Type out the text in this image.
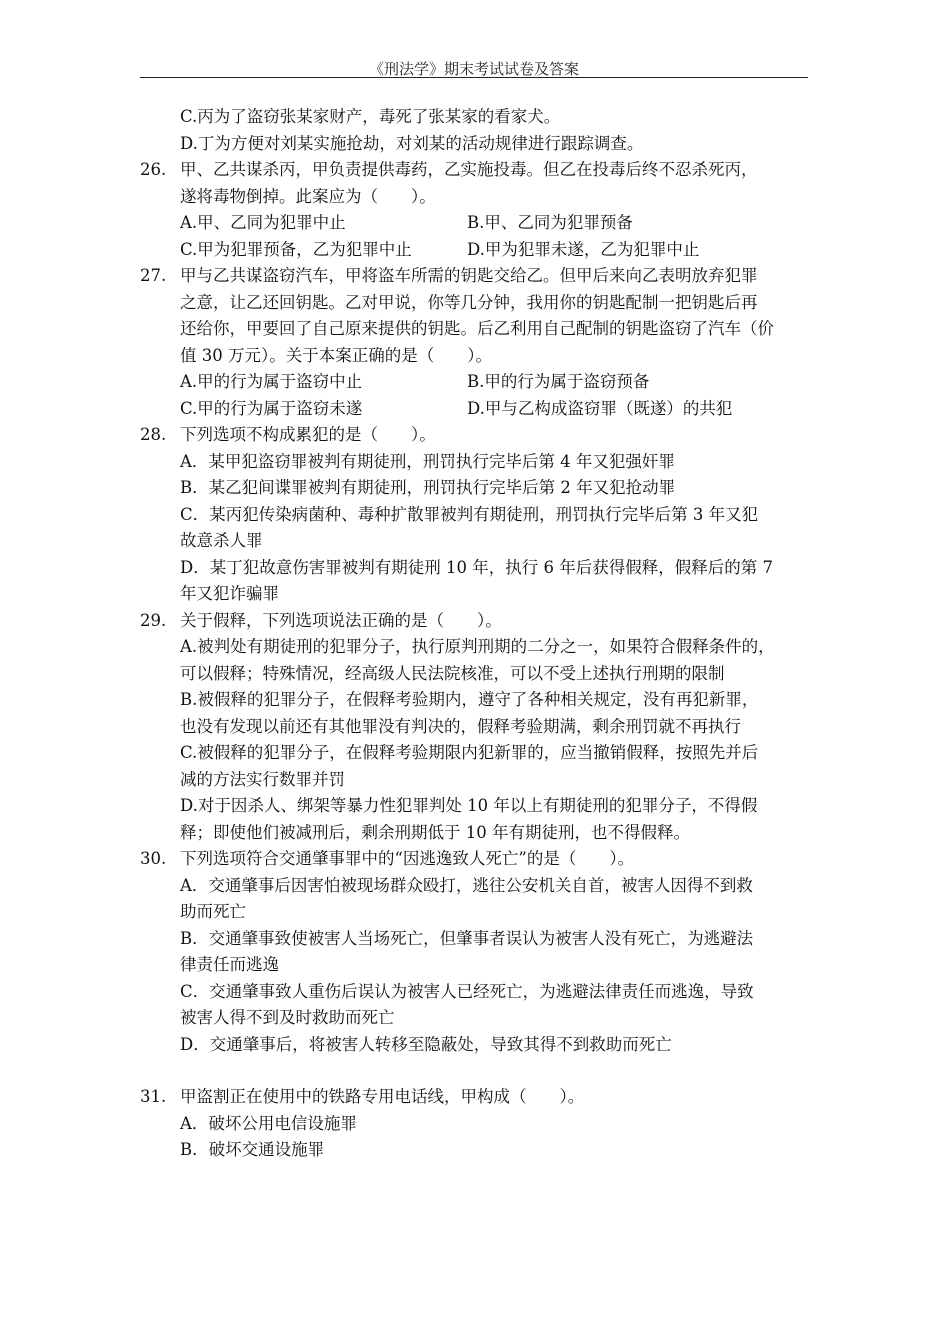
《刑法学》期末考试试卷及答案
C.丙为了盗窃张某家财产，毒死了张某家的看家犬。
D.丁为方便对刘某实施抢劫，对刘某的活动规律进行跟踪调查。
26. 甲、乙共谋杀丙，甲负责提供毒药，乙实施投毒。但乙在投毒后终不忍杀死丙，
遂将毒物倒掉。此案应为（　　）。
A.甲、乙同为犯罪中止	B.甲、乙同为犯罪预备
C.甲为犯罪预备，乙为犯罪中止	D.甲为犯罪未遂，乙为犯罪中止
27. 甲与乙共谋盗窃汽车，甲将盗车所需的钥匙交给乙。但甲后来向乙表明放弃犯罪
之意，让乙还回钥匙。乙对甲说，你等几分钟，我用你的钥匙配制一把钥匙后再
还给你，甲要回了自己原来提供的钥匙。后乙利用自己配制的钥匙盗窃了汽车（价
值 30 万元）。关于本案正确的是（　　）。
A.甲的行为属于盗窃中止	B.甲的行为属于盗窃预备
C.甲的行为属于盗窃未遂	D.甲与乙构成盗窃罪（既遂）的共犯
28. 下列选项不构成累犯的是（　　）。
A．某甲犯盗窃罪被判有期徒刑，刑罚执行完毕后第 4 年又犯强奸罪
B．某乙犯间谍罪被判有期徒刑，刑罚执行完毕后第 2 年又犯抢动罪
C．某丙犯传染病菌种、毒种扩散罪被判有期徒刑，刑罚执行完毕后第 3 年又犯
故意杀人罪
D．某丁犯故意伤害罪被判有期徒刑 10 年，执行 6 年后获得假释，假释后的第 7
年又犯诈骗罪
29. 关于假释，下列选项说法正确的是（　　）。
A.被判处有期徒刑的犯罪分子，执行原判刑期的二分之一，如果符合假释条件的，
可以假释；特殊情况，经高级人民法院核准，可以不受上述执行刑期的限制
B.被假释的犯罪分子，在假释考验期内，遵守了各种相关规定，没有再犯新罪，
也没有发现以前还有其他罪没有判决的，假释考验期满，剩余刑罚就不再执行
C.被假释的犯罪分子，在假释考验期限内犯新罪的，应当撤销假释，按照先并后
减的方法实行数罪并罚
D.对于因杀人、绑架等暴力性犯罪判处 10 年以上有期徒刑的犯罪分子，不得假
释；即使他们被减刑后，剩余刑期低于 10 年有期徒刑，也不得假释。
30. 下列选项符合交通肇事罪中的“因逃逸致人死亡”的是（　　）。
A．交通肇事后因害怕被现场群众殴打，逃往公安机关自首，被害人因得不到救
助而死亡
B．交通肇事致使被害人当场死亡，但肇事者误认为被害人没有死亡，为逃避法
律责任而逃逸
C．交通肇事致人重伤后误认为被害人已经死亡，为逃避法律责任而逃逸，导致
被害人得不到及时救助而死亡
D．交通肇事后，将被害人转移至隐蔽处，导致其得不到救助而死亡
31. 甲盗割正在使用中的铁路专用电话线，甲构成（　　）。
A．破坏公用电信设施罪
B．破坏交通设施罪
